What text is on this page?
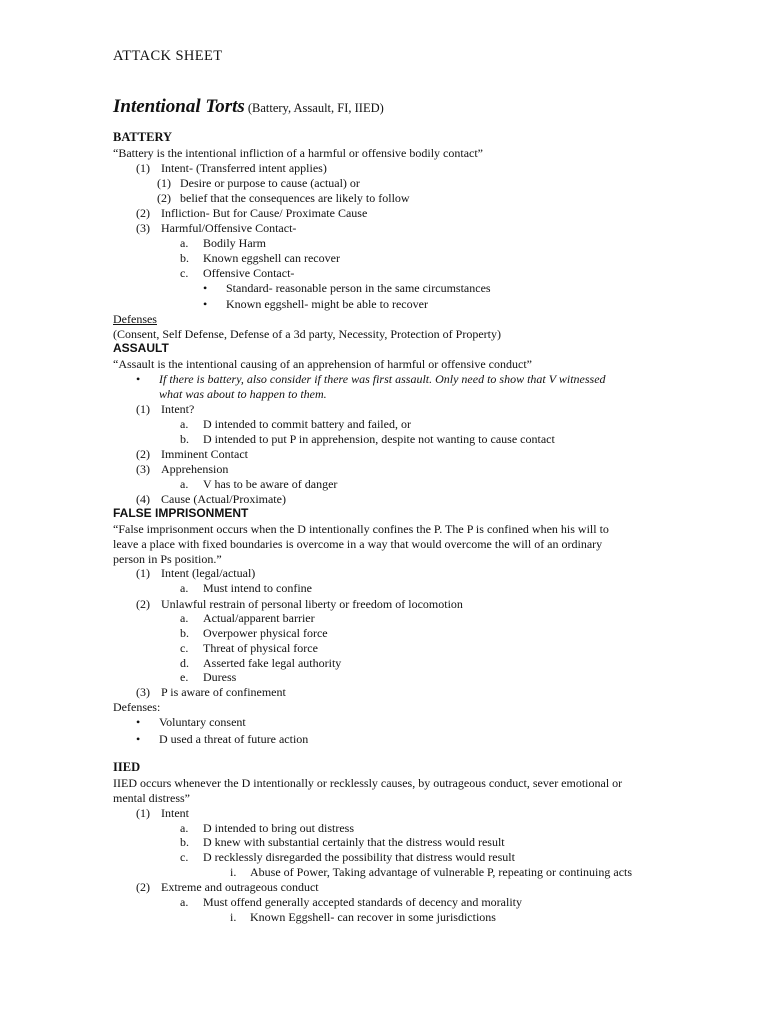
ATTACK SHEET
Intentional Torts (Battery, Assault, FI, IIED)
BATTERY
“Battery is the intentional infliction of a harmful or offensive bodily contact”
(1) Intent- (Transferred intent applies)
(1) Desire or purpose to cause (actual) or
(2) belief that the consequences are likely to follow
(2) Infliction- But for Cause/ Proximate Cause
(3) Harmful/Offensive Contact-
a. Bodily Harm
b. Known eggshell can recover
c. Offensive Contact-
• Standard- reasonable person in the same circumstances
• Known eggshell- might be able to recover
Defenses
(Consent, Self Defense, Defense of a 3d party, Necessity, Protection of Property)
ASSAULT
“Assault is the intentional causing of an apprehension of harmful or offensive conduct”
• If there is battery, also consider if there was first assault. Only need to show that V witnessed
what was about to happen to them.
(1) Intent?
a. D intended to commit battery and failed, or
b. D intended to put P in apprehension, despite not wanting to cause contact
(2) Imminent Contact
(3) Apprehension
a. V has to be aware of danger
(4) Cause (Actual/Proximate)
FALSE IMPRISONMENT
“False imprisonment occurs when the D intentionally confines the P. The P is confined when his will to
leave a place with fixed boundaries is overcome in a way that would overcome the will of an ordinary
person in Ps position.”
(1) Intent (legal/actual)
a. Must intend to confine
(2) Unlawful restrain of personal liberty or freedom of locomotion
a. Actual/apparent barrier
b. Overpower physical force
c. Threat of physical force
d. Asserted fake legal authority
e. Duress
(3) P is aware of confinement
Defenses:
• Voluntary consent
• D used a threat of future action
IIED
IIED occurs whenever the D intentionally or recklessly causes, by outrageous conduct, sever emotional or
mental distress”
(1) Intent
a. D intended to bring out distress
b. D knew with substantial certainly that the distress would result
c. D recklessly disregarded the possibility that distress would result
i. Abuse of Power, Taking advantage of vulnerable P, repeating or continuing acts
(2) Extreme and outrageous conduct
a. Must offend generally accepted standards of decency and morality
i. Known Eggshell- can recover in some jurisdictions
